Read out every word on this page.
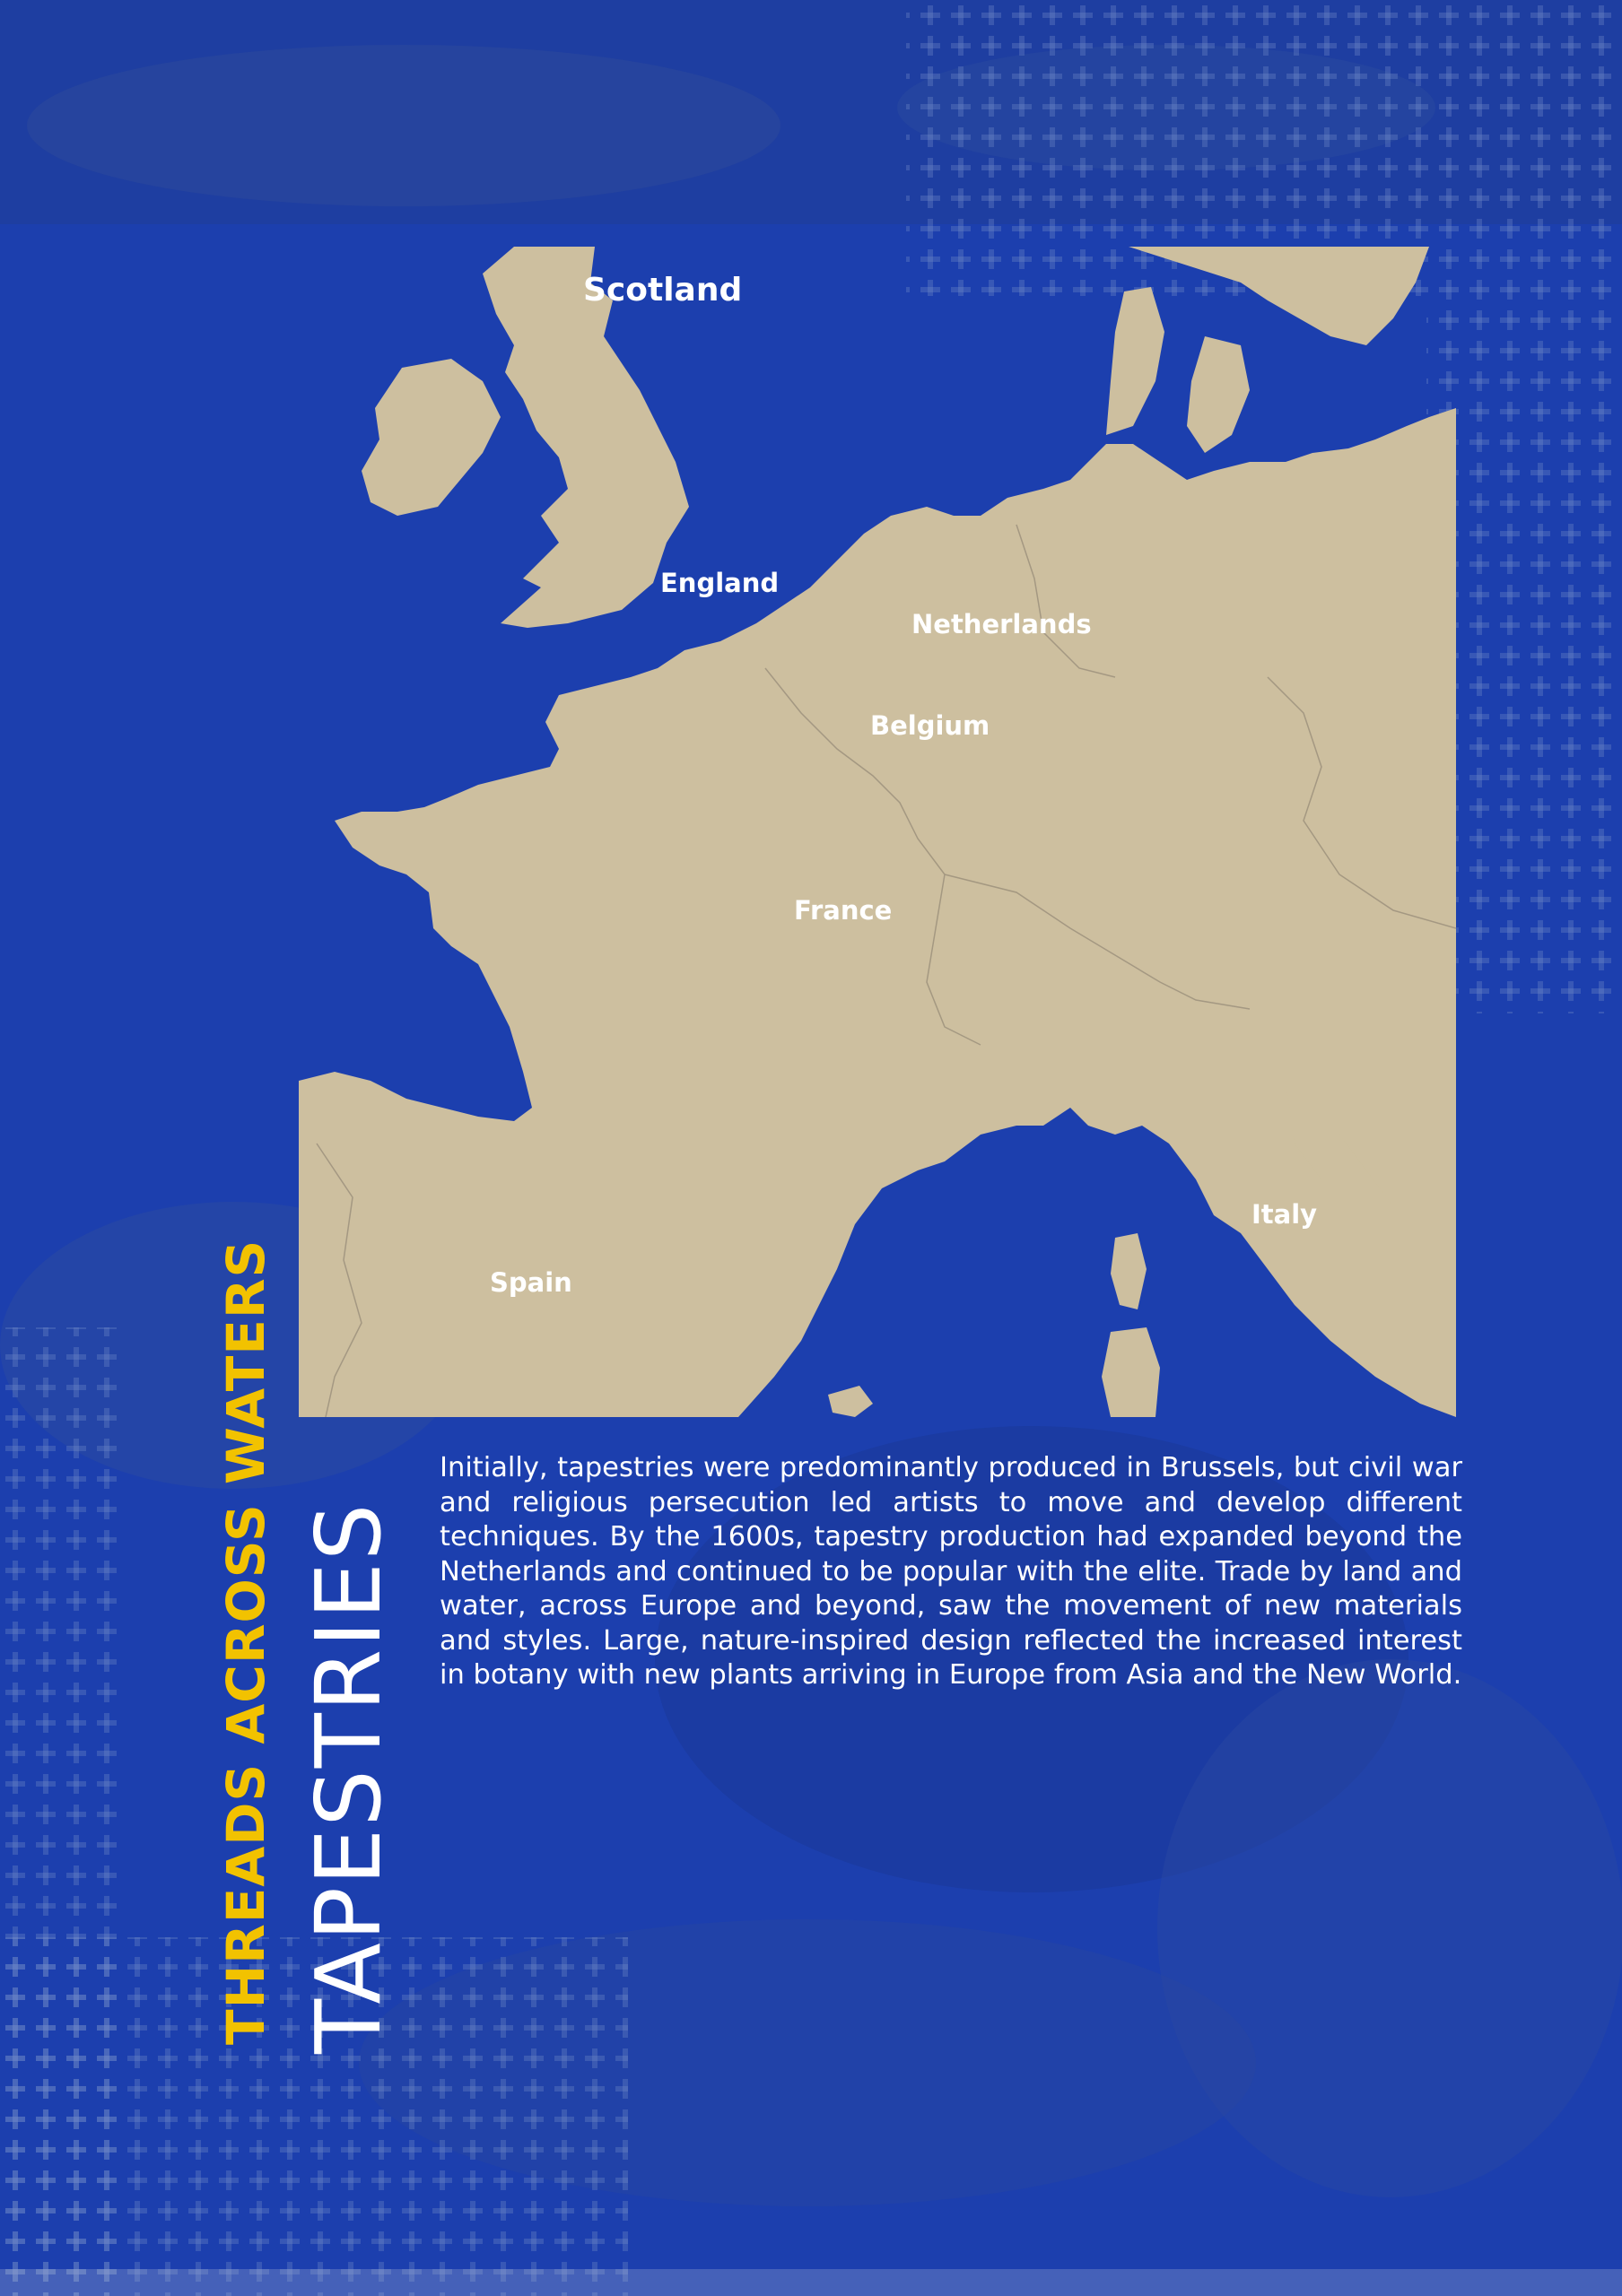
Scotland
England
Netherlands
Belgium
France
Italy
Spain
THREADS ACROSS WATERS TAPESTRIES

Initially, tapestries were predominantly produced in Brussels, but civil war and religious persecution led artists to move and develop different techniques. By the 1600s, tapestry production had expanded beyond the Netherlands and continued to be popular with the elite. Trade by land and water, across Europe and beyond, saw the movement of new materials and styles. Large, nature-inspired design reflected the increased interest in botany with new plants arriving in Europe from Asia and the New World.
